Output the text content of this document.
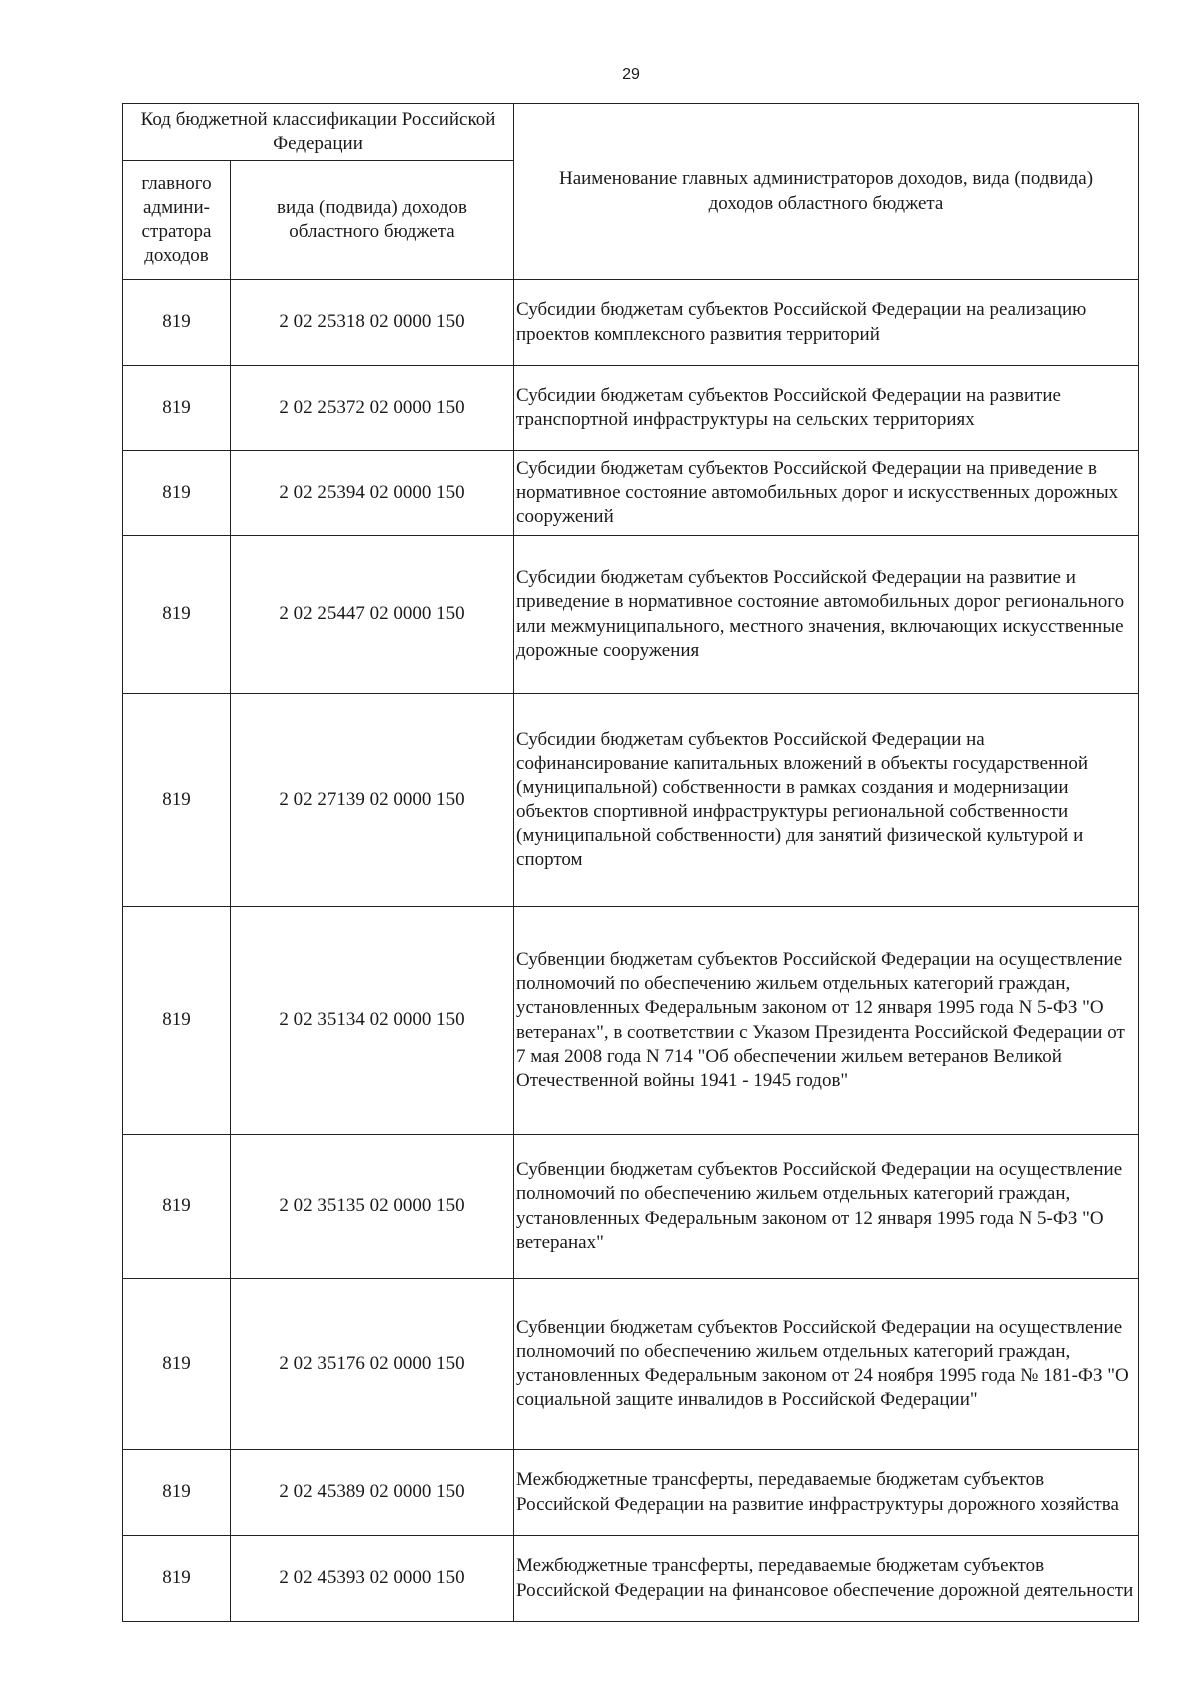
29
Код бюджетной классификации Российской Федерации		Наименование главных администраторов доходов, вида (подвида) доходов областного бюджета
главного админи-стратора доходов	вида (подвида) доходов областного бюджета	
819	2 02 25318 02 0000 150	Субсидии бюджетам субъектов Российской Федерации на реализацию проектов комплексного развития территорий
819	2 02 25372 02 0000 150	Субсидии бюджетам субъектов Российской Федерации на развитие транспортной инфраструктуры на сельских территориях
819	2 02 25394 02 0000 150	Субсидии бюджетам субъектов Российской Федерации на приведение в нормативное состояние автомобильных дорог и искусственных дорожных сооружений
819	2 02 25447 02 0000 150	Субсидии бюджетам субъектов Российской Федерации на развитие и приведение в нормативное состояние автомобильных дорог регионального или межмуниципального, местного значения, включающих искусственные дорожные сооружения
819	2 02 27139 02 0000 150	Субсидии бюджетам субъектов Российской Федерации на софинансирование капитальных вложений в объекты государственной (муниципальной) собственности в рамках создания и модернизации объектов спортивной инфраструктуры региональной собственности (муниципальной собственности) для занятий физической культурой и спортом
819	2 02 35134 02 0000 150	Субвенции бюджетам субъектов Российской Федерации на осуществление полномочий по обеспечению жильем отдельных категорий граждан, установленных Федеральным законом от 12 января 1995 года N 5-ФЗ "О ветеранах", в соответствии с Указом Президента Российской Федерации от 7 мая 2008 года N 714 "Об обеспечении жильем ветеранов Великой Отечественной войны 1941 - 1945 годов"
819	2 02 35135 02 0000 150	Субвенции бюджетам субъектов Российской Федерации на осуществление полномочий по обеспечению жильем отдельных категорий граждан, установленных Федеральным законом от 12 января 1995 года N 5-ФЗ "О ветеранах"
819	2 02 35176 02 0000 150	Субвенции бюджетам субъектов Российской Федерации на осуществление полномочий по обеспечению жильем отдельных категорий граждан, установленных Федеральным законом от 24 ноября 1995 года № 181-ФЗ "О социальной защите инвалидов в Российской Федерации"
819	2 02 45389 02 0000 150	Межбюджетные трансферты, передаваемые бюджетам субъектов Российской Федерации на развитие инфраструктуры дорожного хозяйства
819	2 02 45393 02 0000 150	Межбюджетные трансферты, передаваемые бюджетам субъектов Российской Федерации на финансовое обеспечение дорожной деятельности
